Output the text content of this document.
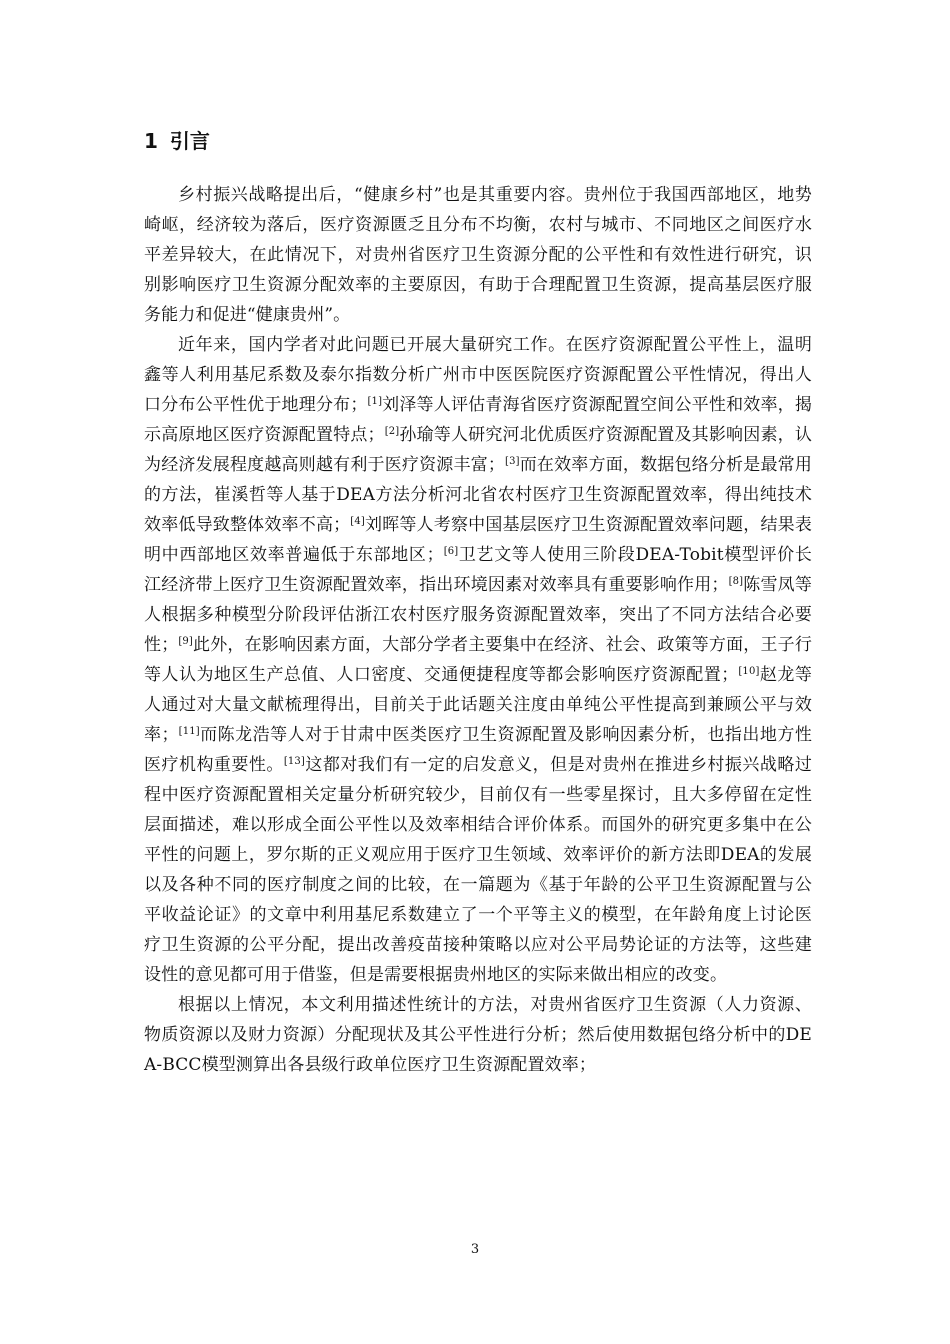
1 引言

乡村振兴战略提出后，“健康乡村”也是其重要内容。贵州位于我国西部地区，地势崎岖，经济较为落后，医疗资源匮乏且分布不均衡，农村与城市、不同地区之间医疗水平差异较大，在此情况下，对贵州省医疗卫生资源分配的公平性和有效性进行研究，识别影响医疗卫生资源分配效率的主要原因，有助于合理配置卫生资源，提高基层医疗服务能力和促进“健康贵州”。

近年来，国内学者对此问题已开展大量研究工作。在医疗资源配置公平性上，温明鑫等人利用基尼系数及泰尔指数分析广州市中医医院医疗资源配置公平性情况，得出人口分布公平性优于地理分布；[1]刘泽等人评估青海省医疗资源配置空间公平性和效率，揭示高原地区医疗资源配置特点；[2]孙瑜等人研究河北优质医疗资源配置及其影响因素，认为经济发展程度越高则越有利于医疗资源丰富；[3]而在效率方面，数据包络分析是最常用的方法，崔溪哲等人基于DEA方法分析河北省农村医疗卫生资源配置效率，得出纯技术效率低导致整体效率不高；[4]刘晖等人考察中国基层医疗卫生资源配置效率问题，结果表明中西部地区效率普遍低于东部地区；[6]卫艺文等人使用三阶段DEA-Tobit模型评价长江经济带上医疗卫生资源配置效率，指出环境因素对效率具有重要影响作用；[8]陈雪凤等人根据多种模型分阶段评估浙江农村医疗服务资源配置效率，突出了不同方法结合必要性；[9]此外，在影响因素方面，大部分学者主要集中在经济、社会、政策等方面，王子行等人认为地区生产总值、人口密度、交通便捷程度等都会影响医疗资源配置；[10]赵龙等人通过对大量文献梳理得出，目前关于此话题关注度由单纯公平性提高到兼顾公平与效率；[11]而陈龙浩等人对于甘肃中医类医疗卫生资源配置及影响因素分析，也指出地方性医疗机构重要性。[13]这都对我们有一定的启发意义，但是对贵州在推进乡村振兴战略过程中医疗资源配置相关定量分析研究较少，目前仅有一些零星探讨，且大多停留在定性层面描述，难以形成全面公平性以及效率相结合评价体系。而国外的研究更多集中在公平性的问题上，罗尔斯的正义观应用于医疗卫生领域、效率评价的新方法即DEA的发展以及各种不同的医疗制度之间的比较，在一篇题为《基于年龄的公平卫生资源配置与公平收益论证》的文章中利用基尼系数建立了一个平等主义的模型，在年龄角度上讨论医疗卫生资源的公平分配，提出改善疫苗接种策略以应对公平局势论证的方法等，这些建设性的意见都可用于借鉴，但是需要根据贵州地区的实际来做出相应的改变。

根据以上情况，本文利用描述性统计的方法，对贵州省医疗卫生资源（人力资源、物质资源以及财力资源）分配现状及其公平性进行分析；然后使用数据包络分析中的DEA-BCC模型测算出各县级行政单位医疗卫生资源配置效率；

3
